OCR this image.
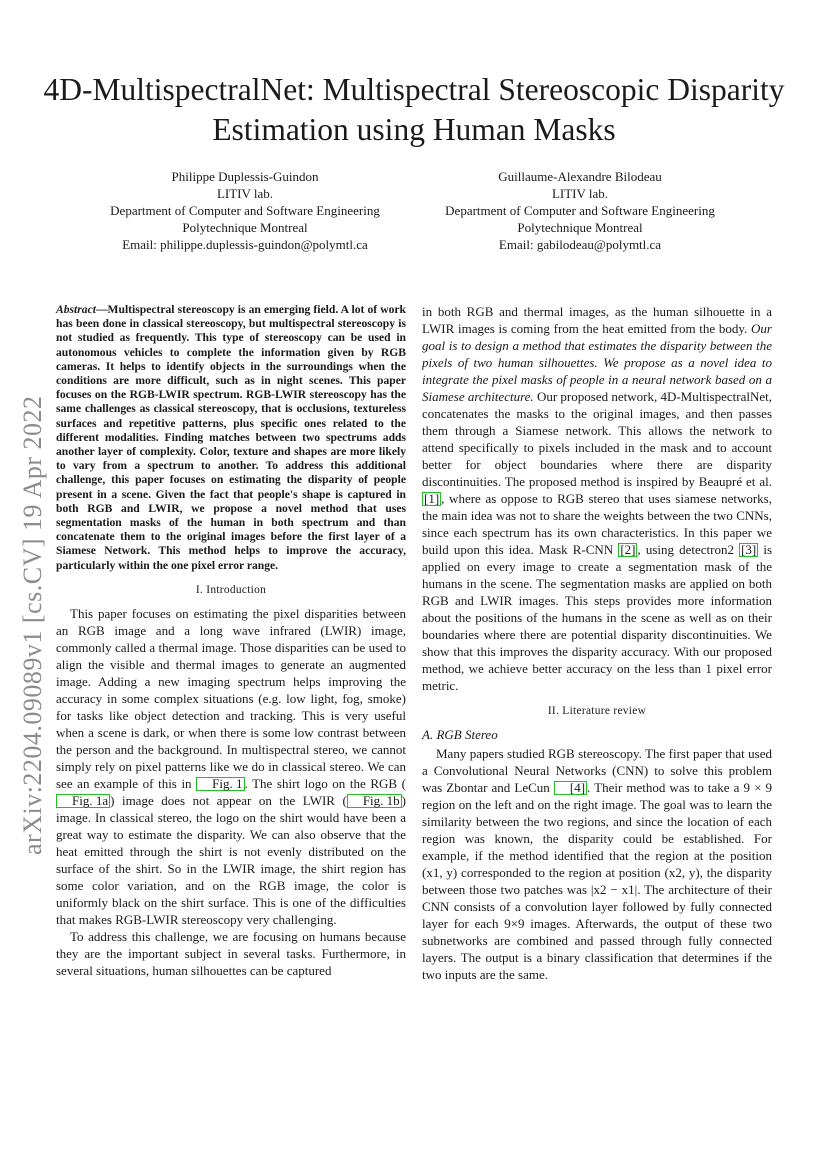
4D-MultispectralNet: Multispectral Stereoscopic Disparity Estimation using Human Masks
Philippe Duplessis-Guindon
LITIV lab.
Department of Computer and Software Engineering
Polytechnique Montreal
Email: philippe.duplessis-guindon@polymtl.ca
Guillaume-Alexandre Bilodeau
LITIV lab.
Department of Computer and Software Engineering
Polytechnique Montreal
Email: gabilodeau@polymtl.ca
arXiv:2204.09089v1 [cs.CV] 19 Apr 2022

Abstract—Multispectral stereoscopy is an emerging field. A lot of work has been done in classical stereoscopy, but multispectral stereoscopy is not studied as frequently. This type of stereoscopy can be used in autonomous vehicles to complete the information given by RGB cameras. It helps to identify objects in the surroundings when the conditions are more difficult, such as in night scenes. This paper focuses on the RGB-LWIR spectrum. RGB-LWIR stereoscopy has the same challenges as classical stereoscopy, that is occlusions, textureless surfaces and repetitive patterns, plus specific ones related to the different modalities. Finding matches between two spectrums adds another layer of complexity. Color, texture and shapes are more likely to vary from a spectrum to another. To address this additional challenge, this paper focuses on estimating the disparity of people present in a scene. Given the fact that people's shape is captured in both RGB and LWIR, we propose a novel method that uses segmentation masks of the human in both spectrum and than concatenate them to the original images before the first layer of a Siamese Network. This method helps to improve the accuracy, particularly within the one pixel error range.

I. Introduction

This paper focuses on estimating the pixel disparities between an RGB image and a long wave infrared (LWIR) image, commonly called a thermal image. Those disparities can be used to align the visible and thermal images to generate an augmented image. Adding a new imaging spectrum helps improving the accuracy in some complex situations (e.g. low light, fog, smoke) for tasks like object detection and tracking. This is very useful when a scene is dark, or when there is some low contrast between the person and the background. In multispectral stereo, we cannot simply rely on pixel patterns like we do in classical stereo. We can see an example of this in Fig. 1 . The shirt logo on the RGB (Fig. 1a ) image does not appear on the LWIR ( Fig. 1b ) image. In classical stereo, the logo on the shirt would have been a great way to estimate the disparity. We can also observe that the heat emitted through the shirt is not evenly distributed on the surface of the shirt. So in the LWIR image, the shirt region has some color variation, and on the RGB image, the color is uniformly black on the shirt surface. This is one of the difficulties that makes RGB-LWIR stereoscopy very challenging.

To address this challenge, we are focusing on humans because they are the important subject in several tasks. Furthermore, in several situations, human silhouettes can be captured

in both RGB and thermal images, as the human silhouette in a LWIR images is coming from the heat emitted from the body. Our goal is to design a method that estimates the disparity between the pixels of two human silhouettes. We propose as a novel idea to integrate the pixel masks of people in a neural network based on a Siamese architecture. Our proposed network, 4D-MultispectralNet, concatenates the masks to the original images, and then passes them through a Siamese network. This allows the network to attend specifically to pixels included in the mask and to account better for object boundaries where there are disparity discontinuities. The proposed method is inspired by Beaupré et al. [1] , where as oppose to RGB stereo that uses siamese networks, the main idea was not to share the weights between the two CNNs, since each spectrum has its own characteristics. In this paper we build upon this idea. Mask R-CNN [2] , using detectron2 [3] is applied on every image to create a segmentation mask of the humans in the scene. The segmentation masks are applied on both RGB and LWIR images. This steps provides more information about the positions of the humans in the scene as well as on their boundaries where there are potential disparity discontinuities. We show that this improves the disparity accuracy. With our proposed method, we achieve better accuracy on the less than 1 pixel error metric.

II. Literature review
A. RGB Stereo

Many papers studied RGB stereoscopy. The first paper that used a Convolutional Neural Networks (CNN) to solve this problem was Zbontar and LeCun [4] . Their method was to take a 9 × 9 region on the left and on the right image. The goal was to learn the similarity between the two regions, and since the location of each region was known, the disparity could be established. For example, if the method identified that the region at the position (x1, y) corresponded to the region at position (x2, y), the disparity between those two patches was |x2 − x1|. The architecture of their CNN consists of a convolution layer followed by fully connected layer for each 9×9 images. Afterwards, the output of these two subnetworks are combined and passed through fully connected layers. The output is a binary classification that determines if the two inputs are the same.
